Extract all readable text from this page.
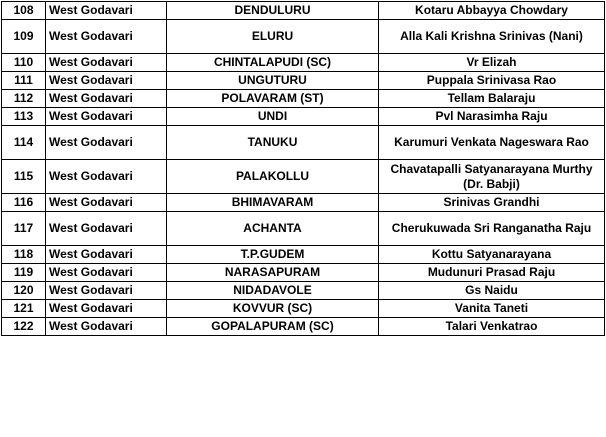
108	West Godavari	DENDULURU	Kotaru Abbayya Chowdary
109	West Godavari	ELURU	Alla Kali Krishna Srinivas (Nani)
110	West Godavari	CHINTALAPUDI (SC)	Vr Elizah
111	West Godavari	UNGUTURU	Puppala Srinivasa Rao
112	West Godavari	POLAVARAM (ST)	Tellam Balaraju
113	West Godavari	UNDI	Pvl Narasimha Raju
114	West Godavari	TANUKU	Karumuri Venkata Nageswara Rao
115	West Godavari	PALAKOLLU	Chavatapalli Satyanarayana Murthy (Dr. Babji)
116	West Godavari	BHIMAVARAM	Srinivas Grandhi
117	West Godavari	ACHANTA	Cherukuwada Sri Ranganatha Raju
118	West Godavari	T.P.GUDEM	Kottu Satyanarayana
119	West Godavari	NARASAPURAM	Mudunuri Prasad Raju
120	West Godavari	NIDADAVOLE	Gs Naidu
121	West Godavari	KOVVUR (SC)	Vanita Taneti
122	West Godavari	GOPALAPURAM (SC)	Talari Venkatrao
